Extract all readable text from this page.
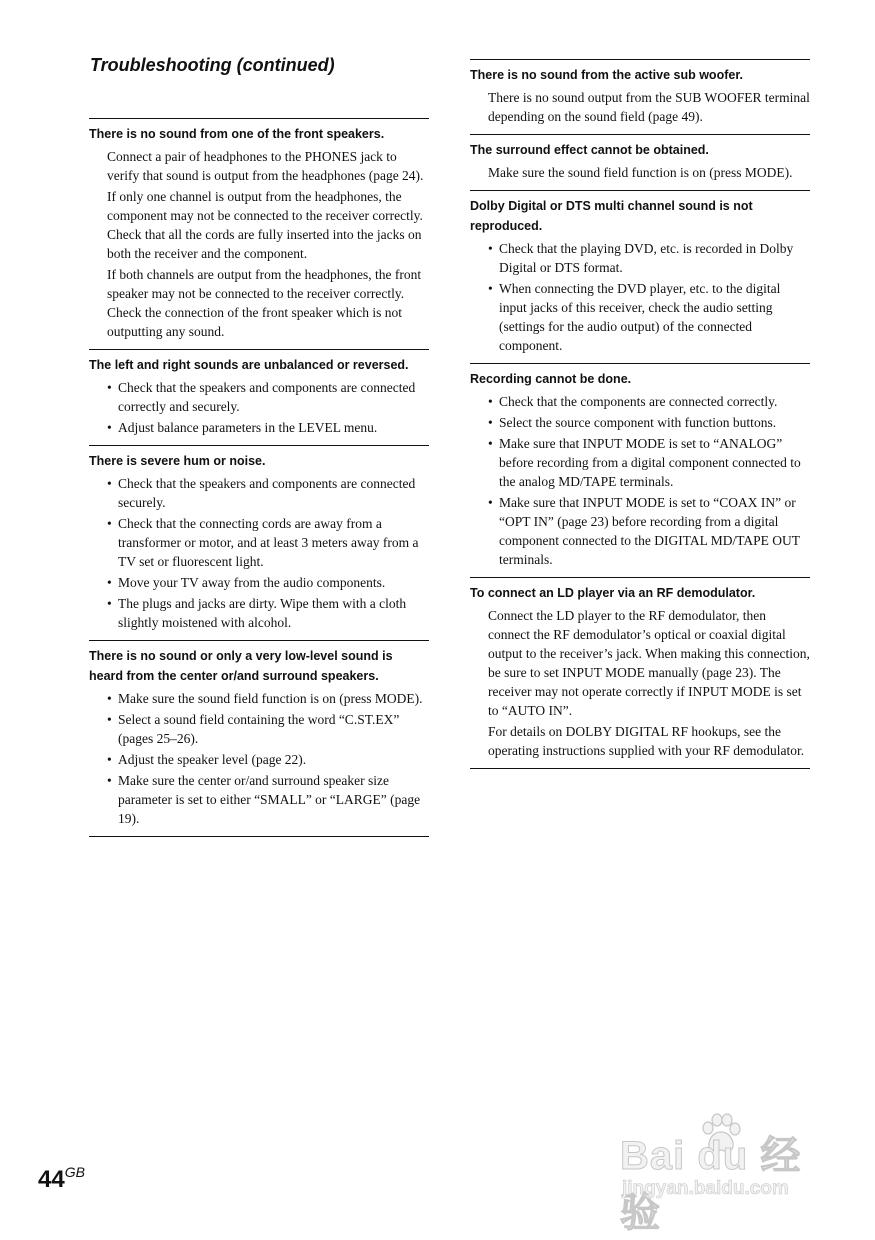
Troubleshooting (continued)
There is no sound from one of the front speakers.

Connect a pair of headphones to the PHONES jack to verify that sound is output from the headphones (page 24).

If only one channel is output from the headphones, the component may not be connected to the receiver correctly. Check that all the cords are fully inserted into the jacks on both the receiver and the component.

If both channels are output from the headphones, the front speaker may not be connected to the receiver correctly. Check the connection of the front speaker which is not outputting any sound.

The left and right sounds are unbalanced or reversed.
• Check that the speakers and components are connected correctly and securely.
• Adjust balance parameters in the LEVEL menu.
There is severe hum or noise.
• Check that the speakers and components are connected securely.
• Check that the connecting cords are away from a transformer or motor, and at least 3 meters away from a TV set or fluorescent light.
• Move your TV away from the audio components.
• The plugs and jacks are dirty. Wipe them with a cloth slightly moistened with alcohol.
There is no sound or only a very low-level sound is heard from the center or/and surround speakers.
• Make sure the sound field function is on (press MODE).
• Select a sound field containing the word “C.ST.EX” (pages 25–26).
• Adjust the speaker level (page 22).
• Make sure the center or/and surround speaker size parameter is set to either “SMALL” or “LARGE” (page 19).
There is no sound from the active sub woofer.

There is no sound output from the SUB WOOFER terminal depending on the sound field (page 49).

The surround effect cannot be obtained.

Make sure the sound field function is on (press MODE).

Dolby Digital or DTS multi channel sound is not reproduced.
• Check that the playing DVD, etc. is recorded in Dolby Digital or DTS format.
• When connecting the DVD player, etc. to the digital input jacks of this receiver, check the audio setting (settings for the audio output) of the connected component.
Recording cannot be done.
• Check that the components are connected correctly.
• Select the source component with function buttons.
• Make sure that INPUT MODE is set to “ANALOG” before recording from a digital component connected to the analog MD/TAPE terminals.
• Make sure that INPUT MODE is set to “COAX IN” or “OPT IN” (page 23) before recording from a digital component connected to the DIGITAL MD/TAPE OUT terminals.
To connect an LD player via an RF demodulator.

Connect the LD player to the RF demodulator, then connect the RF demodulator’s optical or coaxial digital output to the receiver’s jack. When making this connection, be sure to set INPUT MODE manually (page 23). The receiver may not operate correctly if INPUT MODE is set to “AUTO IN”.

For details on DOLBY DIGITAL RF hookups, see the operating instructions supplied with your RF demodulator.

$44^{GB}$	Bai du 经验
jingyan.baidu.com
